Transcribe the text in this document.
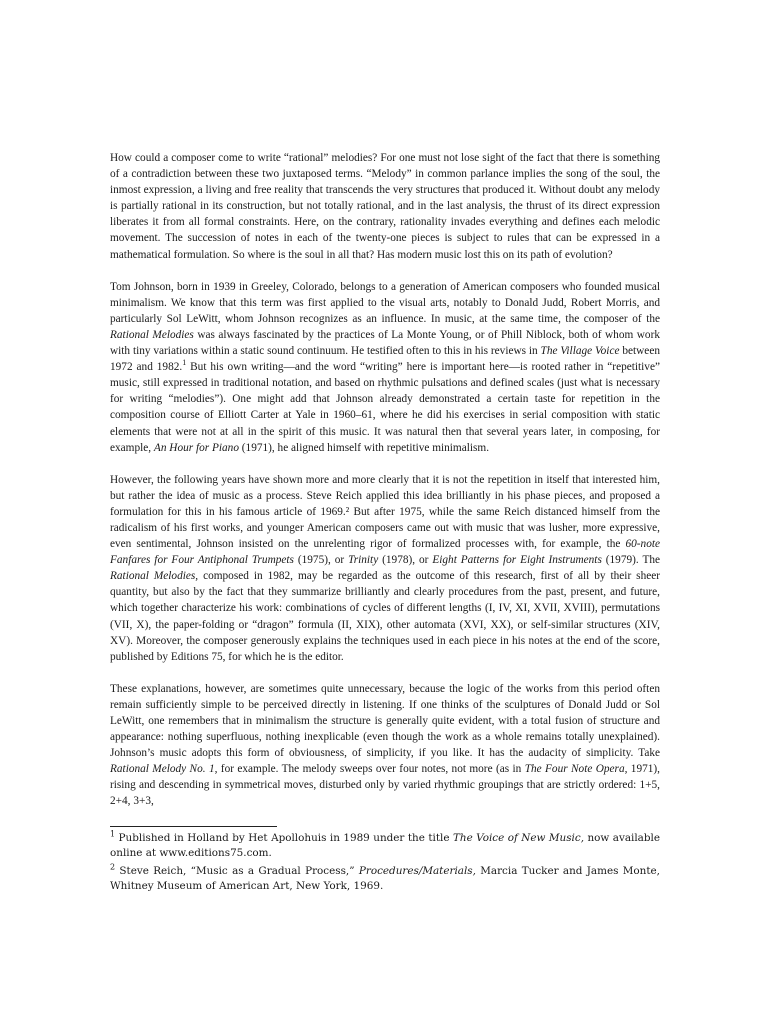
How could a composer come to write “rational” melodies? For one must not lose sight of the fact that there is something of a contradiction between these two juxtaposed terms. “Melody” in common parlance implies the song of the soul, the inmost expression, a living and free reality that transcends the very structures that produced it. Without doubt any melody is partially rational in its construction, but not totally rational, and in the last analysis, the thrust of its direct expression liberates it from all formal constraints. Here, on the contrary, rationality invades everything and defines each melodic movement. The succession of notes in each of the twenty-one pieces is subject to rules that can be expressed in a mathematical formulation. So where is the soul in all that? Has modern music lost this on its path of evolution?

Tom Johnson, born in 1939 in Greeley, Colorado, belongs to a generation of American composers who founded musical minimalism. We know that this term was first applied to the visual arts, notably to Donald Judd, Robert Morris, and particularly Sol LeWitt, whom Johnson recognizes as an influence. In music, at the same time, the composer of the Rational Melodies was always fascinated by the practices of La Monte Young, or of Phill Niblock, both of whom work with tiny variations within a static sound continuum. He testified often to this in his reviews in The Village Voice between 1972 and 1982.$^1$ But his own writing—and the word “writing” here is important here—is rooted rather in “repetitive” music, still expressed in traditional notation, and based on rhythmic pulsations and defined scales (just what is necessary for writing “melodies”). One might add that Johnson already demonstrated a certain taste for repetition in the composition course of Elliott Carter at Yale in 1960–61, where he did his exercises in serial composition with static elements that were not at all in the spirit of this music. It was natural then that several years later, in composing, for example, An Hour for Piano (1971), he aligned himself with repetitive minimalism.

However, the following years have shown more and more clearly that it is not the repetition in itself that interested him, but rather the idea of music as a process. Steve Reich applied this idea brilliantly in his phase pieces, and proposed a formulation for this in his famous article of 1969.² But after 1975, while the same Reich distanced himself from the radicalism of his first works, and younger American composers came out with music that was lusher, more expressive, even sentimental, Johnson insisted on the unrelenting rigor of formalized processes with, for example, the 60-note Fanfares for Four Antiphonal Trumpets (1975), or Trinity (1978), or Eight Patterns for Eight Instruments (1979). The Rational Melodies, composed in 1982, may be regarded as the outcome of this research, first of all by their sheer quantity, but also by the fact that they summarize brilliantly and clearly procedures from the past, present, and future, which together characterize his work: combinations of cycles of different lengths (I, IV, XI, XVII, XVIII), permutations (VII, X), the paper-folding or “dragon” formula (II, XIX), other automata (XVI, XX), or self-similar structures (XIV, XV). Moreover, the composer generously explains the techniques used in each piece in his notes at the end of the score, published by Editions 75, for which he is the editor.

These explanations, however, are sometimes quite unnecessary, because the logic of the works from this period often remain sufficiently simple to be perceived directly in listening. If one thinks of the sculptures of Donald Judd or Sol LeWitt, one remembers that in minimalism the structure is generally quite evident, with a total fusion of structure and appearance: nothing superfluous, nothing inexplicable (even though the work as a whole remains totally unexplained). Johnson’s music adopts this form of obviousness, of simplicity, if you like. It has the audacity of simplicity. Take Rational Melody No. 1, for example. The melody sweeps over four notes, not more (as in The Four Note Opera, 1971), rising and descending in symmetrical moves, disturbed only by varied rhythmic groupings that are strictly ordered: 1+5, 2+4, 3+3,

$^1$ Published in Holland by Het Apollohuis in 1989 under the title The Voice of New Music, now available online at www.editions75.com.

$^2$ Steve Reich, “Music as a Gradual Process,” Procedures/Materials, Marcia Tucker and James Monte, Whitney Museum of American Art, New York, 1969.
